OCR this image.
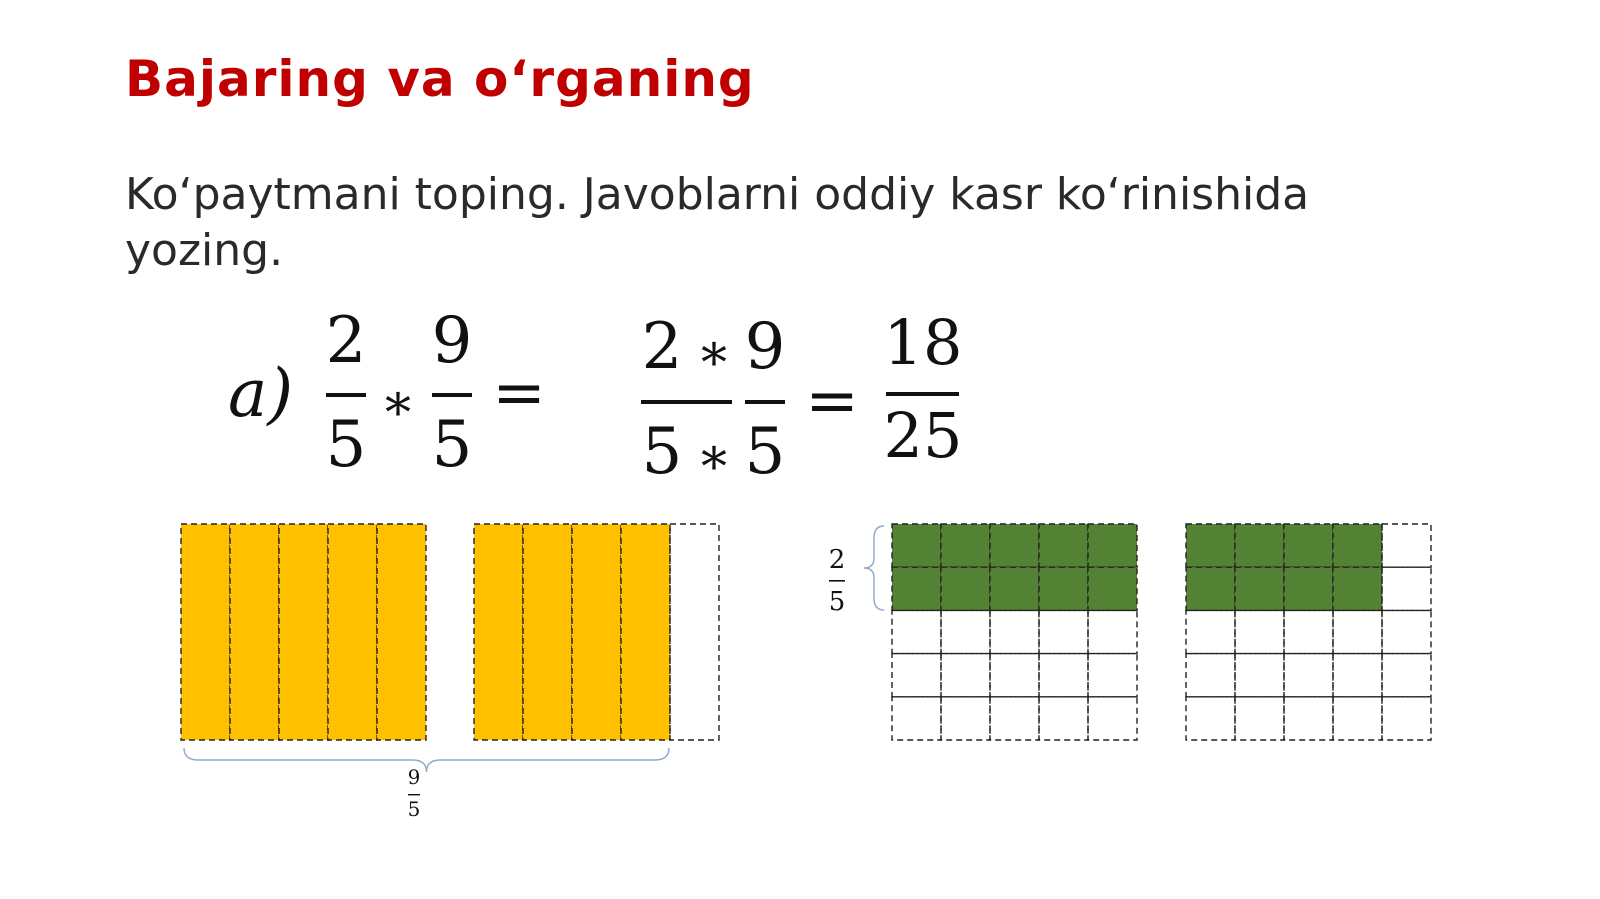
Bajaring va o‘rganing
Ko‘paytmani toping. Javoblarni oddiy kasr ko‘rinishida yozing.
a)
2
5
∗
9
5
=
2 ∗ 9
5 ∗ 5
=
18
25
9
5
2
5
